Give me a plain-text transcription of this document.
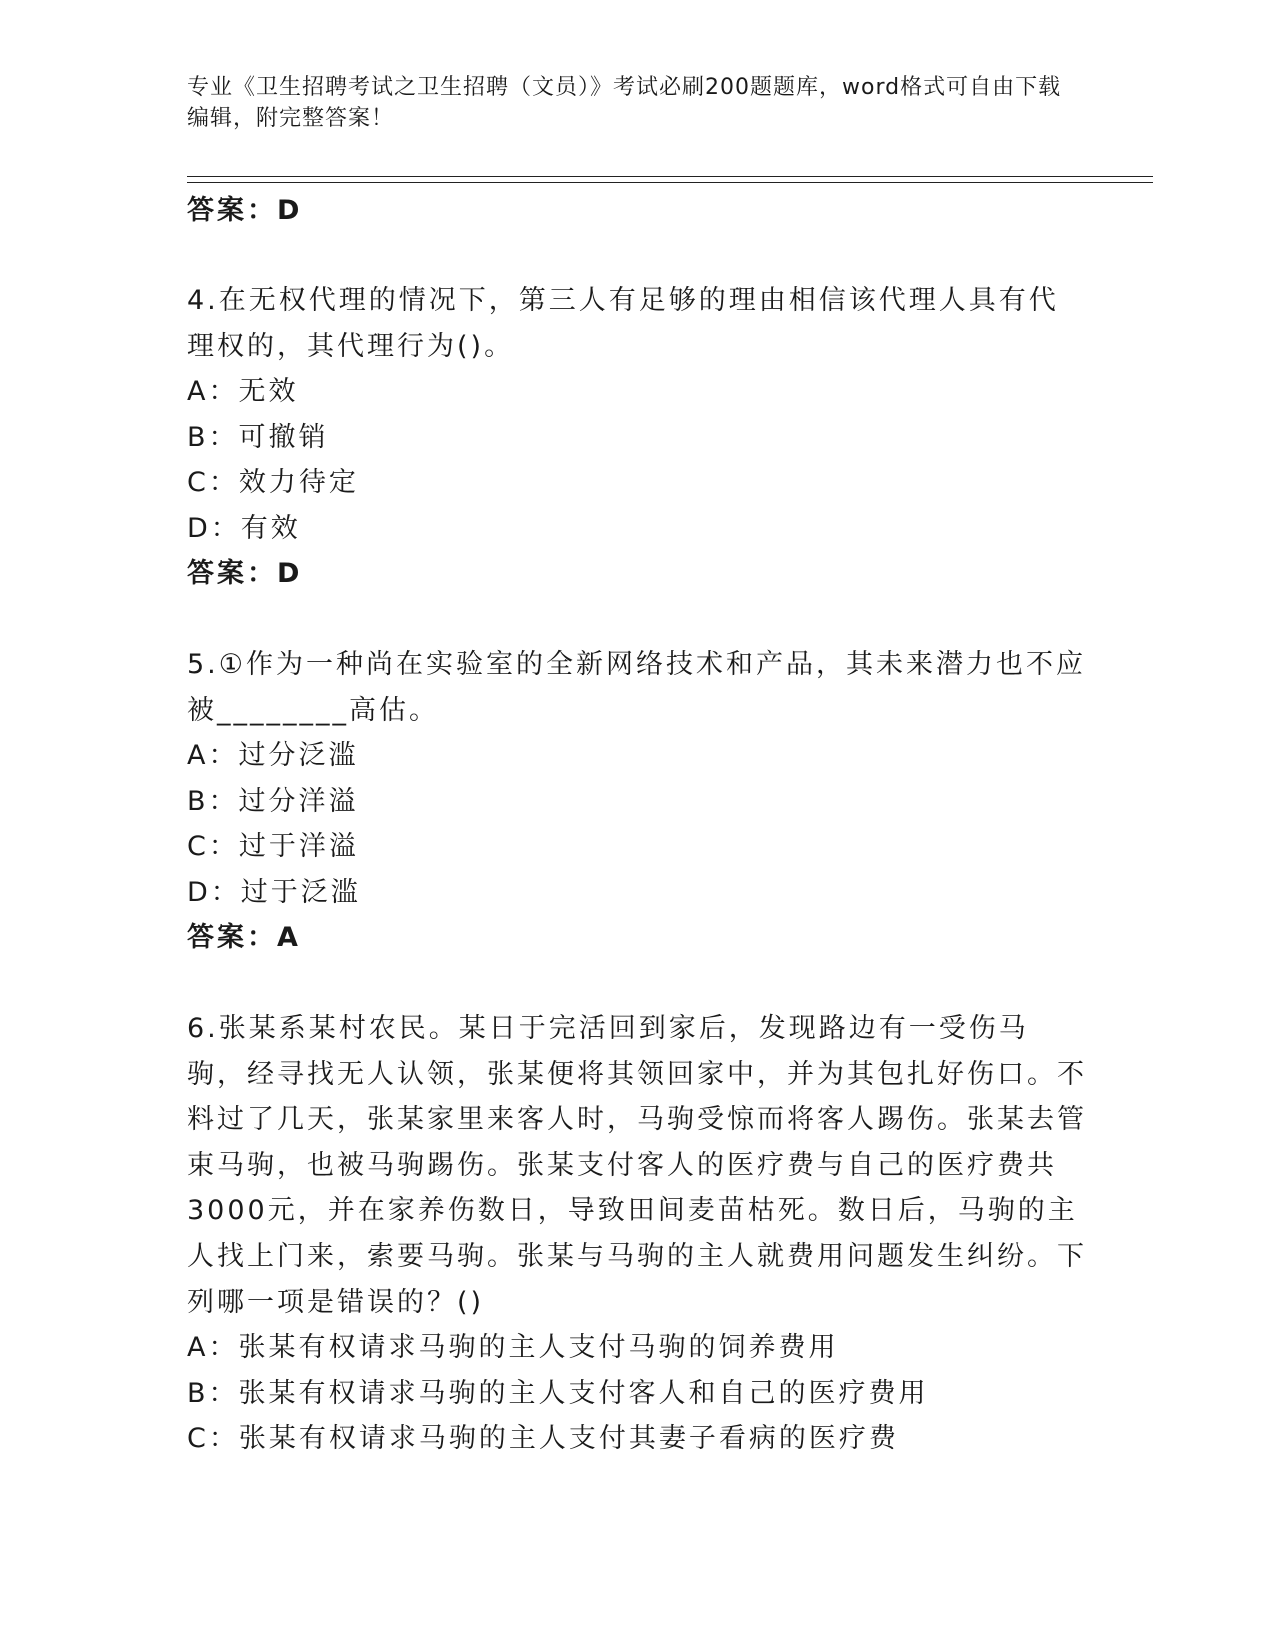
专业《卫生招聘考试之卫生招聘（文员）》考试必刷200题题库，word格式可自由下载编辑，附完整答案！
答案：D
4.在无权代理的情况下，第三人有足够的理由相信该代理人具有代理权的，其代理行为()。
A：无效
B：可撤销
C：效力待定
D：有效
答案：D
5.①作为一种尚在实验室的全新网络技术和产品，其未来潜力也不应被________高估。
A：过分泛滥
B：过分洋溢
C：过于洋溢
D：过于泛滥
答案：A
6.张某系某村农民。某日于完活回到家后，发现路边有一受伤马驹，经寻找无人认领，张某便将其领回家中，并为其包扎好伤口。不料过了几天，张某家里来客人时，马驹受惊而将客人踢伤。张某去管束马驹，也被马驹踢伤。张某支付客人的医疗费与自己的医疗费共3000元，并在家养伤数日，导致田间麦苗枯死。数日后，马驹的主人找上门来，索要马驹。张某与马驹的主人就费用问题发生纠纷。下列哪一项是错误的？()
A：张某有权请求马驹的主人支付马驹的饲养费用
B：张某有权请求马驹的主人支付客人和自己的医疗费用
C：张某有权请求马驹的主人支付其妻子看病的医疗费
